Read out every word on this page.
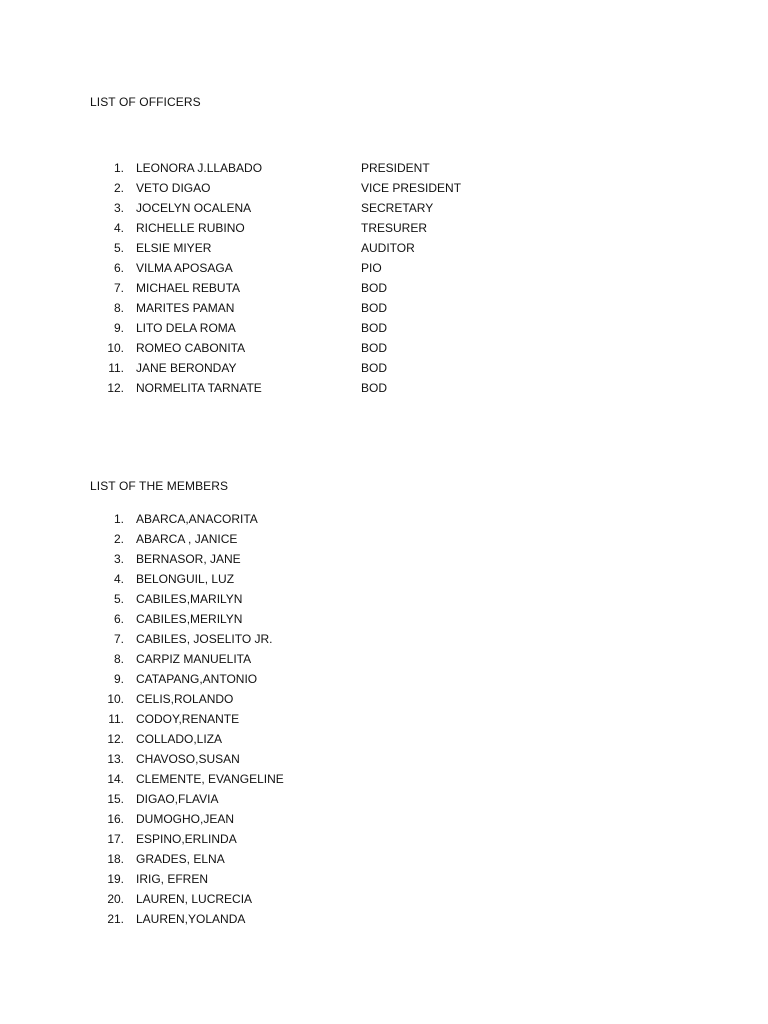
LIST OF OFFICERS
1. LEONORA J.LLABADO	PRESIDENT
2. VETO DIGAO	VICE PRESIDENT
3. JOCELYN OCALENA	SECRETARY
4. RICHELLE RUBINO	TRESURER
5. ELSIE MIYER	AUDITOR
6. VILMA APOSAGA	PIO
7. MICHAEL REBUTA	BOD
8. MARITES PAMAN	BOD
9. LITO DELA ROMA	BOD
10. ROMEO CABONITA	BOD
11. JANE BERONDAY	BOD
12. NORMELITA TARNATE	BOD
LIST OF THE MEMBERS
1. ABARCA,ANACORITA
2. ABARCA , JANICE
3. BERNASOR, JANE
4. BELONGUIL, LUZ
5. CABILES,MARILYN
6. CABILES,MERILYN
7. CABILES, JOSELITO JR.
8. CARPIZ MANUELITA
9. CATAPANG,ANTONIO
10. CELIS,ROLANDO
11. CODOY,RENANTE
12. COLLADO,LIZA
13. CHAVOSO,SUSAN
14. CLEMENTE, EVANGELINE
15. DIGAO,FLAVIA
16. DUMOGHO,JEAN
17. ESPINO,ERLINDA
18. GRADES, ELNA
19. IRIG, EFREN
20. LAUREN, LUCRECIA
21. LAUREN,YOLANDA
